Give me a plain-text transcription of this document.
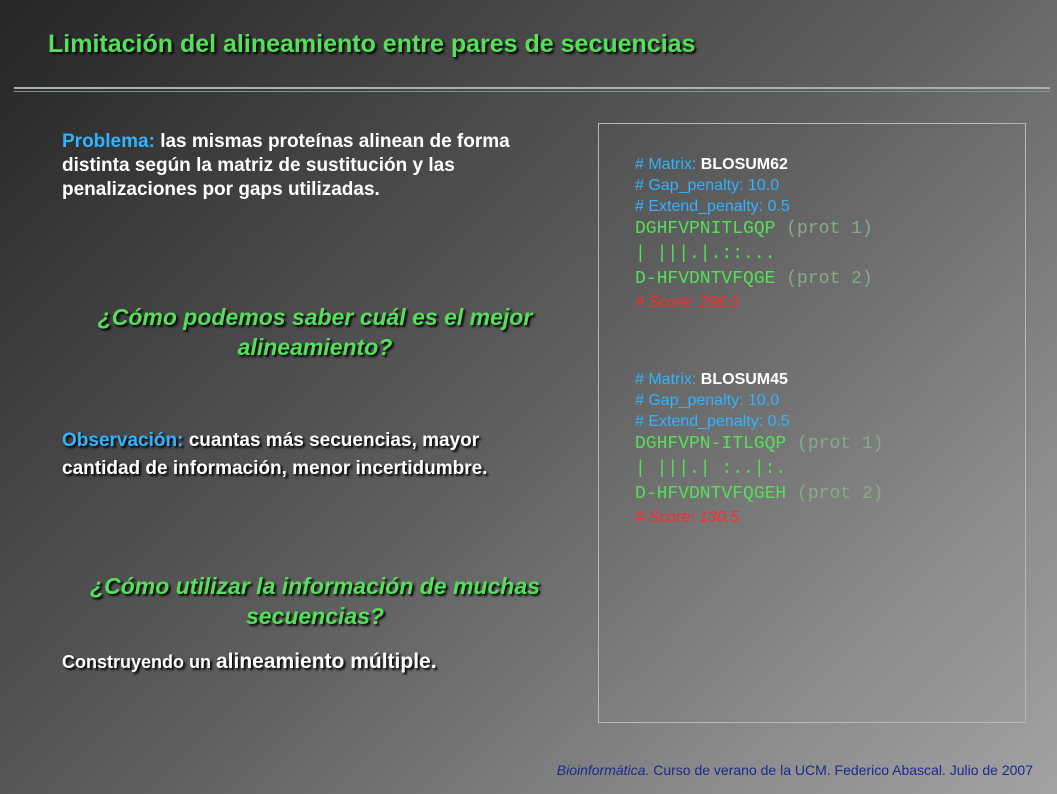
Limitación del alineamiento entre pares de secuencias

Problema: las mismas proteínas alinean de forma distinta según la matriz de sustitución y las penalizaciones por gaps utilizadas.

¿Cómo podemos saber cuál es el mejor alineamiento?

Observación: cuantas más secuencias, mayor cantidad de información, menor incertidumbre.

¿Cómo utilizar la información de muchas secuencias?

Construyendo un alineamiento múltiple.

# Matrix: BLOSUM62
# Gap_penalty: 10.0
# Extend_penalty: 0.5
DGHFVPNITLGQP (prot 1)
| |||.|.::...
D-HFVDNTVFQGE (prot 2)
# Score: 296.0
# Matrix: BLOSUM45
# Gap_penalty: 10.0
# Extend_penalty: 0.5
DGHFVPN-ITLGQP (prot 1)
| |||.| :..|:.
D-HFVDNTVFQGEH (prot 2)
# Score: 130.5

Bioinformática. Curso de verano de la UCM. Federico Abascal. Julio de 2007
